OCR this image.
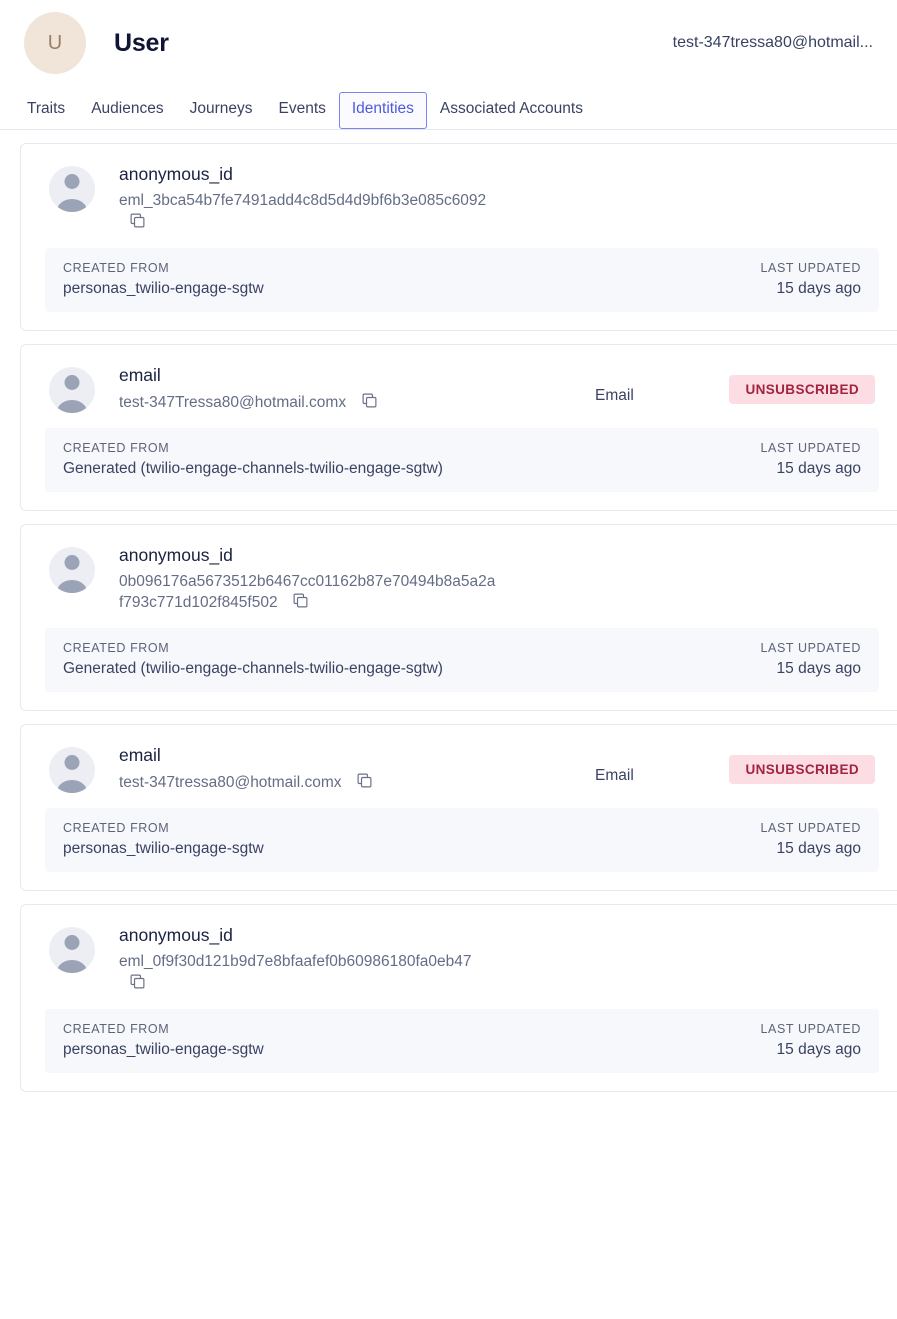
U	User	test-347tressa80@hotmail...
Traits	Audiences	Journeys	Events	Identities	Associated Accounts
anonymous_id
eml_3bca54b7fe7491add4c8d5d4d9bf6b3e085c6092
CREATED FROM
personas_twilio-engage-sgtw
LAST UPDATED
15 days ago
email
test-347Tressa80@hotmail.comx	Email	UNSUBSCRIBED
CREATED FROM
Generated (twilio-engage-channels-twilio-engage-sgtw)
LAST UPDATED
15 days ago
anonymous_id
0b096176a5673512b6467cc01162b87e70494b8a5a2af793c771d102f845f502
CREATED FROM
Generated (twilio-engage-channels-twilio-engage-sgtw)
LAST UPDATED
15 days ago
email
test-347tressa80@hotmail.comx	Email	UNSUBSCRIBED
CREATED FROM
personas_twilio-engage-sgtw
LAST UPDATED
15 days ago
anonymous_id
eml_0f9f30d121b9d7e8bfaafef0b60986180fa0eb47
CREATED FROM
personas_twilio-engage-sgtw
LAST UPDATED
15 days ago
